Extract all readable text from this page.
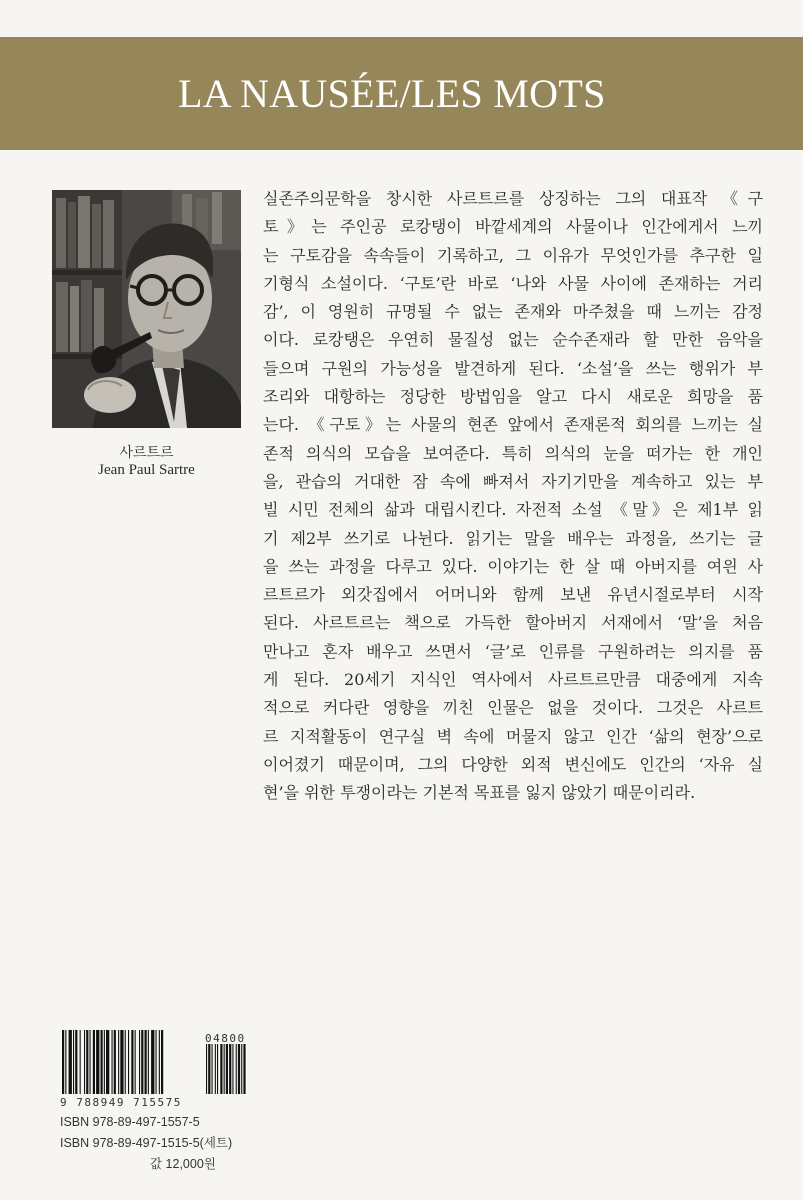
LA NAUSÉE/LES MOTS
사르트르
Jean Paul Sartre
실존주의문학을 창시한 사르트르를 상징하는 그의 대표작 《구
토》는 주인공 로캉탱이 바깥세계의 사물이나 인간에게서 느끼
는 구토감을 속속들이 기록하고, 그 이유가 무엇인가를 추구한 일
기형식 소설이다. ‘구토’란 바로 ‘나와 사물 사이에 존재하는 거리
감’, 이 영원히 규명될 수 없는 존재와 마주쳤을 때 느끼는 감정
이다. 로캉탱은 우연히 물질성 없는 순수존재라 할 만한 음악을
들으며 구원의 가능성을 발견하게 된다. ‘소설’을 쓰는 행위가 부
조리와 대항하는 정당한 방법임을 알고 다시 새로운 희망을 품
는다. 《구토》는 사물의 현존 앞에서 존재론적 회의를 느끼는 실
존적 의식의 모습을 보여준다. 특히 의식의 눈을 떠가는 한 개인
을, 관습의 거대한 잠 속에 빠져서 자기기만을 계속하고 있는 부
빌 시민 전체의 삶과 대립시킨다. 자전적 소설 《말》은 제1부 읽
기 제2부 쓰기로 나뉜다. 읽기는 말을 배우는 과정을, 쓰기는 글
을 쓰는 과정을 다루고 있다. 이야기는 한 살 때 아버지를 여읜 사
르트르가 외갓집에서 어머니와 함께 보낸 유년시절로부터 시작
된다. 사르트르는 책으로 가득한 할아버지 서재에서 ‘말’을 처음
만나고 혼자 배우고 쓰면서 ‘글’로 인류를 구원하려는 의지를 품
게 된다. 20세기 지식인 역사에서 사르트르만큼 대중에게 지속
적으로 커다란 영향을 끼친 인물은 없을 것이다. 그것은 사르트
르 지적활동이 연구실 벽 속에 머물지 않고 인간 ‘삶의 현장’으로
이어졌기 때문이며, 그의 다양한 외적 변신에도 인간의 ‘자유 실
현’을 위한 투쟁이라는 기본적 목표를 잃지 않았기 때문이리라.
04800
9 788949 715575
ISBN 978-89-497-1557-5
ISBN 978-89-497-1515-5(세트)
값 12,000원
